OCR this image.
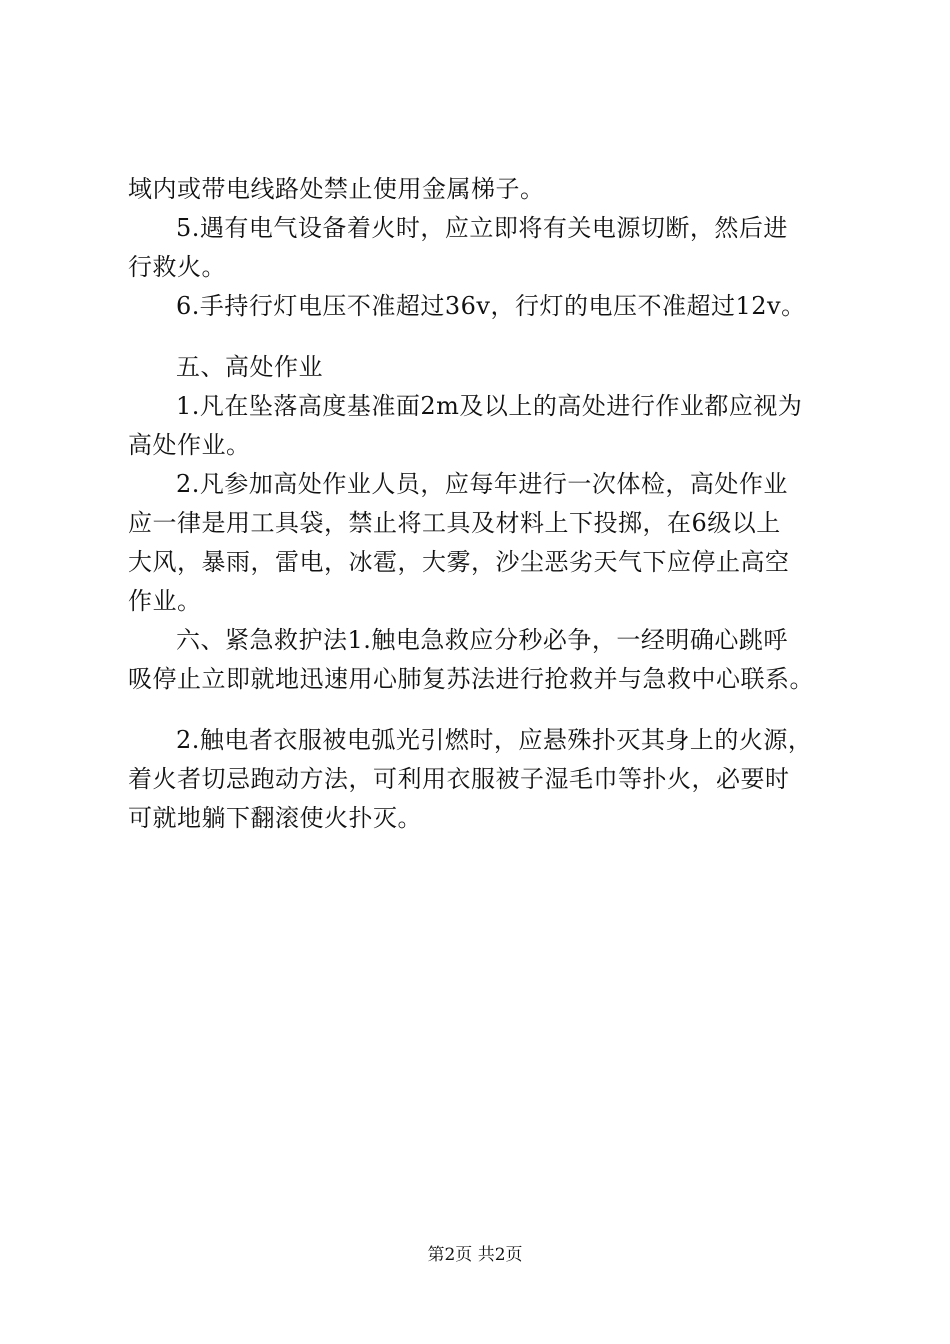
域内或带电线路处禁止使用金属梯子。
5.遇有电气设备着火时，应立即将有关电源切断，然后进
行救火。
6.手持行灯电压不准超过36v，行灯的电压不准超过12v。
五、高处作业
1.凡在坠落高度基准面2m及以上的高处进行作业都应视为
高处作业。
2.凡参加高处作业人员，应每年进行一次体检，高处作业
应一律是用工具袋，禁止将工具及材料上下投掷，在6级以上
大风，暴雨，雷电，冰雹，大雾，沙尘恶劣天气下应停止高空
作业。
六、紧急救护法1.触电急救应分秒必争，一经明确心跳呼
吸停止立即就地迅速用心肺复苏法进行抢救并与急救中心联系。
2.触电者衣服被电弧光引燃时，应悬殊扑灭其身上的火源，
着火者切忌跑动方法，可利用衣服被子湿毛巾等扑火，必要时
可就地躺下翻滚使火扑灭。
第2页 共2页
